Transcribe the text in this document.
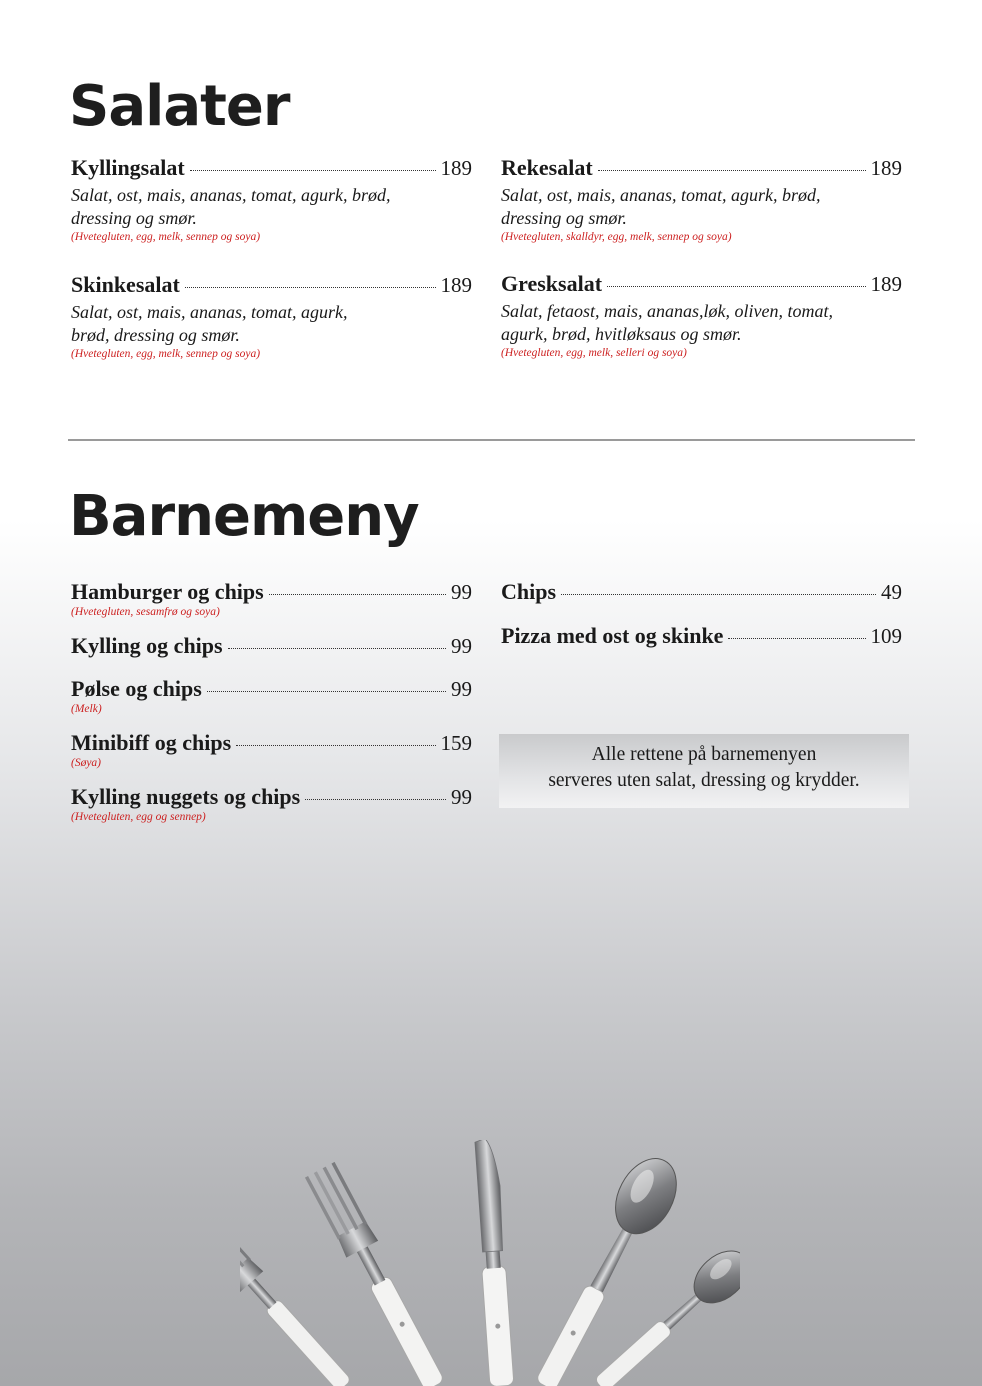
Salater
Kyllingsalat	189
Salat, ost, mais, ananas, tomat, agurk, brød,
dressing og smør.
(Hvetegluten, egg, melk, sennep og soya)
Rekesalat	189
Salat, ost, mais, ananas, tomat, agurk, brød,
dressing og smør.
(Hvetegluten, skalldyr, egg, melk, sennep og soya)
Skinkesalat	189
Salat, ost, mais, ananas, tomat, agurk,
brød, dressing og smør.
(Hvetegluten, egg, melk, sennep og soya)
Gresksalat	189
Salat, fetaost, mais, ananas,løk, oliven, tomat,
agurk, brød, hvitløksaus og smør.
(Hvetegluten, egg, melk, selleri og soya)
Barnemeny
Hamburger og chips	99
(Hvetegluten, sesamfrø og soya)
Kylling og chips	99
Pølse og chips	99
(Melk)
Minibiff og chips	159
(Søya)
Kylling nuggets og chips	99
(Hvetegluten, egg og sennep)
Chips	49
Pizza med ost og skinke	109
Alle rettene på barnemenyen
serveres uten salat, dressing og krydder.
